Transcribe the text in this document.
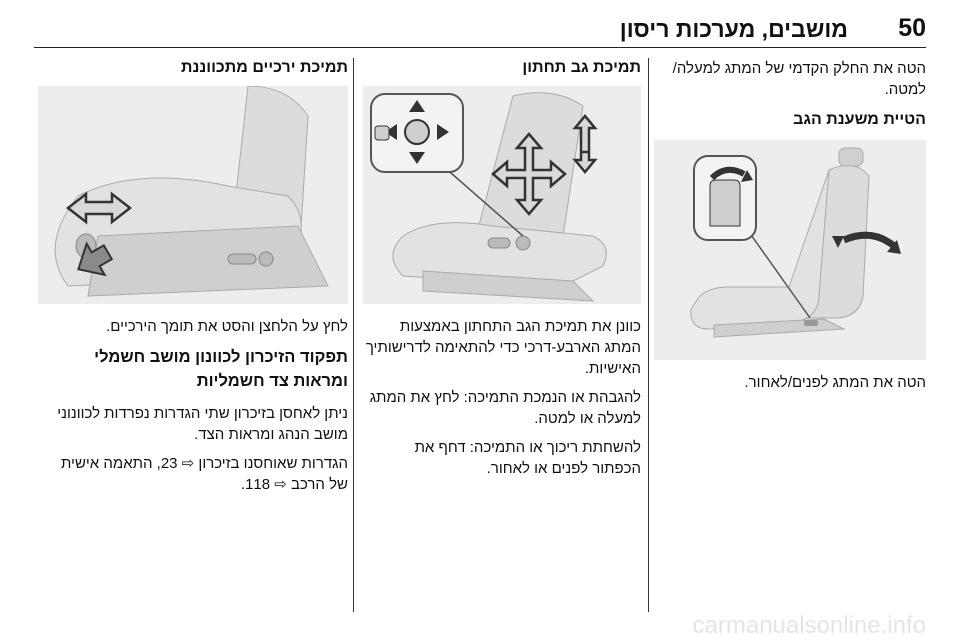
50
מושבים, מערכות ריסון

הטה את החלק הקדמי של המתג למעלה/ למטה.

הטיית משענת הגב

הטה את המתג לפנים/לאחור.

תמיכת גב תחתון

כוונן את תמיכת הגב התחתון באמצעות המתג הארבע-דרכי כדי להתאימה לדרישותיך האישיות.

להגבהת או הנמכת התמיכה: לחץ את המתג למעלה או למטה.

להשחתת ריכוך או התמיכה: דחף את הכפתור לפנים או לאחור.

תמיכת ירכיים מתכווננת

לחץ על הלחצן והסט את תומך הירכיים.

תפקוד הזיכרון לכוונון מושב חשמלי ומראות צד חשמליות

ניתן לאחסן בזיכרון שתי הגדרות נפרדות לכוונוני מושב הנהג ומראות הצד.

הגדרות שאוחסנו בזיכרון ⇨ 23, התאמה אישית של הרכב ⇨ 118.

carmanualsonline.info
